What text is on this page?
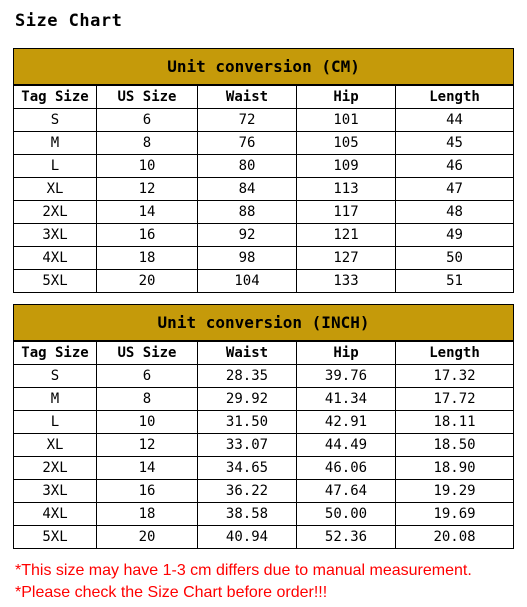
Size Chart
Unit conversion (CM)				
Tag Size	US Size	Waist	Hip	Length
S	6	72	101	44
M	8	76	105	45
L	10	80	109	46
XL	12	84	113	47
2XL	14	88	117	48
3XL	16	92	121	49
4XL	18	98	127	50
5XL	20	104	133	51
Unit conversion (INCH)				
Tag Size	US Size	Waist	Hip	Length
S	6	28.35	39.76	17.32
M	8	29.92	41.34	17.72
L	10	31.50	42.91	18.11
XL	12	33.07	44.49	18.50
2XL	14	34.65	46.06	18.90
3XL	16	36.22	47.64	19.29
4XL	18	38.58	50.00	19.69
5XL	20	40.94	52.36	20.08
*This size may have 1-3 cm differs due to manual measurement.
*Please check the Size Chart before order!!!
